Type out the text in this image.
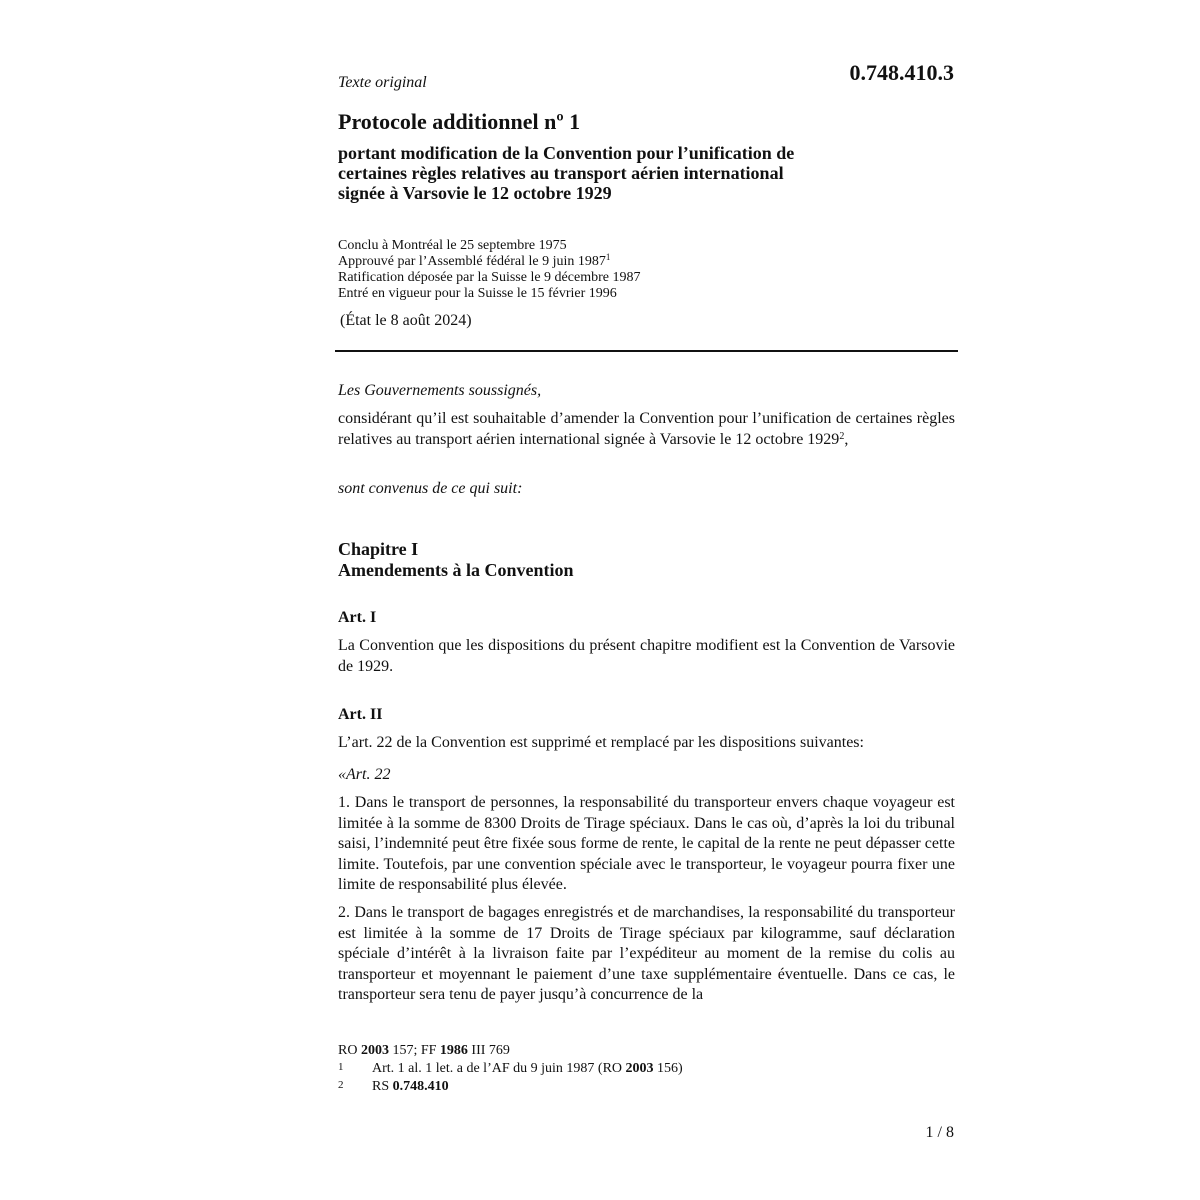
Texte original	0.748.410.3
Protocole additionnel nº 1
portant modification de la Convention pour l’unification de
certaines règles relatives au transport aérien international
signée à Varsovie le 12 octobre 1929
Conclu à Montréal le 25 septembre 1975
Approuvé par l’Assemblé fédéral le 9 juin 1987$^1$
Ratification déposée par la Suisse le 9 décembre 1987
Entré en vigueur pour la Suisse le 15 février 1996
(État le 8 août 2024)
Les Gouvernements soussignés,
considérant qu’il est souhaitable d’amender la Convention pour l’unification de certaines règles relatives au transport aérien international signée à Varsovie le 12 octobre 1929$^2$,
sont convenus de ce qui suit:
Chapitre I
Amendements à la Convention
Art. I
La Convention que les dispositions du présent chapitre modifient est la Convention de Varsovie de 1929.
Art. II
L’art. 22 de la Convention est supprimé et remplacé par les dispositions suivantes:
«Art. 22
1. Dans le transport de personnes, la responsabilité du transporteur envers chaque voyageur est limitée à la somme de 8300 Droits de Tirage spéciaux. Dans le cas où, d’après la loi du tribunal saisi, l’indemnité peut être fixée sous forme de rente, le capital de la rente ne peut dépasser cette limite. Toutefois, par une convention spéciale avec le transporteur, le voyageur pourra fixer une limite de responsabilité plus élevée.
2. Dans le transport de bagages enregistrés et de marchandises, la responsabilité du transporteur est limitée à la somme de 17 Droits de Tirage spéciaux par kilogramme, sauf déclaration spéciale d’intérêt à la livraison faite par l’expéditeur au moment de la remise du colis au transporteur et moyennant le paiement d’une taxe supplémentaire éventuelle. Dans ce cas, le transporteur sera tenu de payer jusqu’à concurrence de la
RO 2003 157; FF 1986 III 769
1 Art. 1 al. 1 let. a de l’AF du 9 juin 1987 (RO 2003 156)
2 RS 0.748.410
1 / 8
